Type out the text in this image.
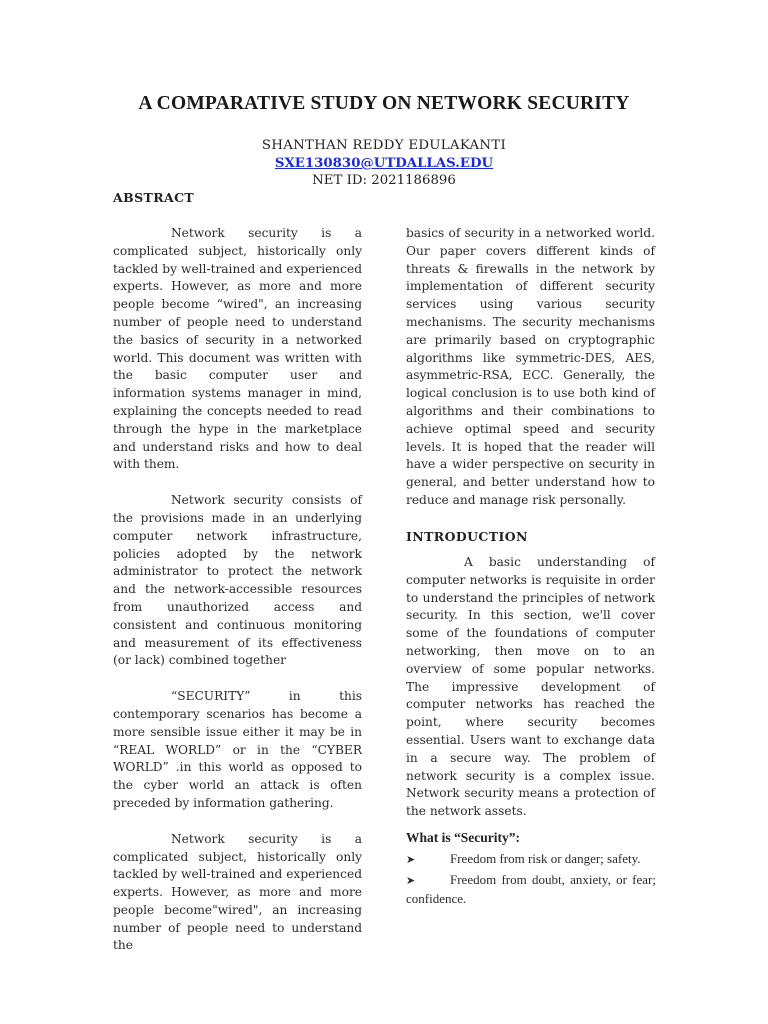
A COMPARATIVE STUDY ON NETWORK SECURITY
SHANTHAN REDDY EDULAKANTI
SXE130830@UTDALLAS.EDU
NET ID: 2021186896
ABSTRACT

Network security is a complicated subject, historically only tackled by well-trained and experienced experts. However, as more and more people become “wired", an increasing number of people need to understand the basics of security in a networked world. This document was written with the basic computer user and information systems manager in mind, explaining the concepts needed to read through the hype in the marketplace and understand risks and how to deal with them.

Network security consists of the provisions made in an underlying computer network infrastructure, policies adopted by the network administrator to protect the network and the network-accessible resources from unauthorized access and consistent and continuous monitoring and measurement of its effectiveness (or lack) combined together

“SECURITY” in this contemporary scenarios has become a more sensible issue either it may be in “REAL WORLD” or in the “CYBER WORLD” .in this world as opposed to the cyber world an attack is often preceded by information gathering.

Network security is a complicated subject, historically only tackled by well-trained and experienced experts. However, as more and more people become"wired", an increasing number of people need to understand the

basics of security in a networked world. Our paper covers different kinds of threats & firewalls in the network by implementation of different security services using various security mechanisms. The security mechanisms are primarily based on cryptographic algorithms like symmetric-DES, AES, asymmetric-RSA, ECC. Generally, the logical conclusion is to use both kind of algorithms and their combinations to achieve optimal speed and security levels. It is hoped that the reader will have a wider perspective on security in general, and better understand how to reduce and manage risk personally.

INTRODUCTION

A basic understanding of computer networks is requisite in order to understand the principles of network security. In this section, we'll cover some of the foundations of computer networking, then move on to an overview of some popular networks. The impressive development of computer networks has reached the point, where security becomes essential. Users want to exchange data in a secure way. The problem of network security is a complex issue. Network security means a protection of the network assets.

What is “Security”:
➤	Freedom from risk or danger; safety.
➤	Freedom from doubt, anxiety, or fear; confidence.
